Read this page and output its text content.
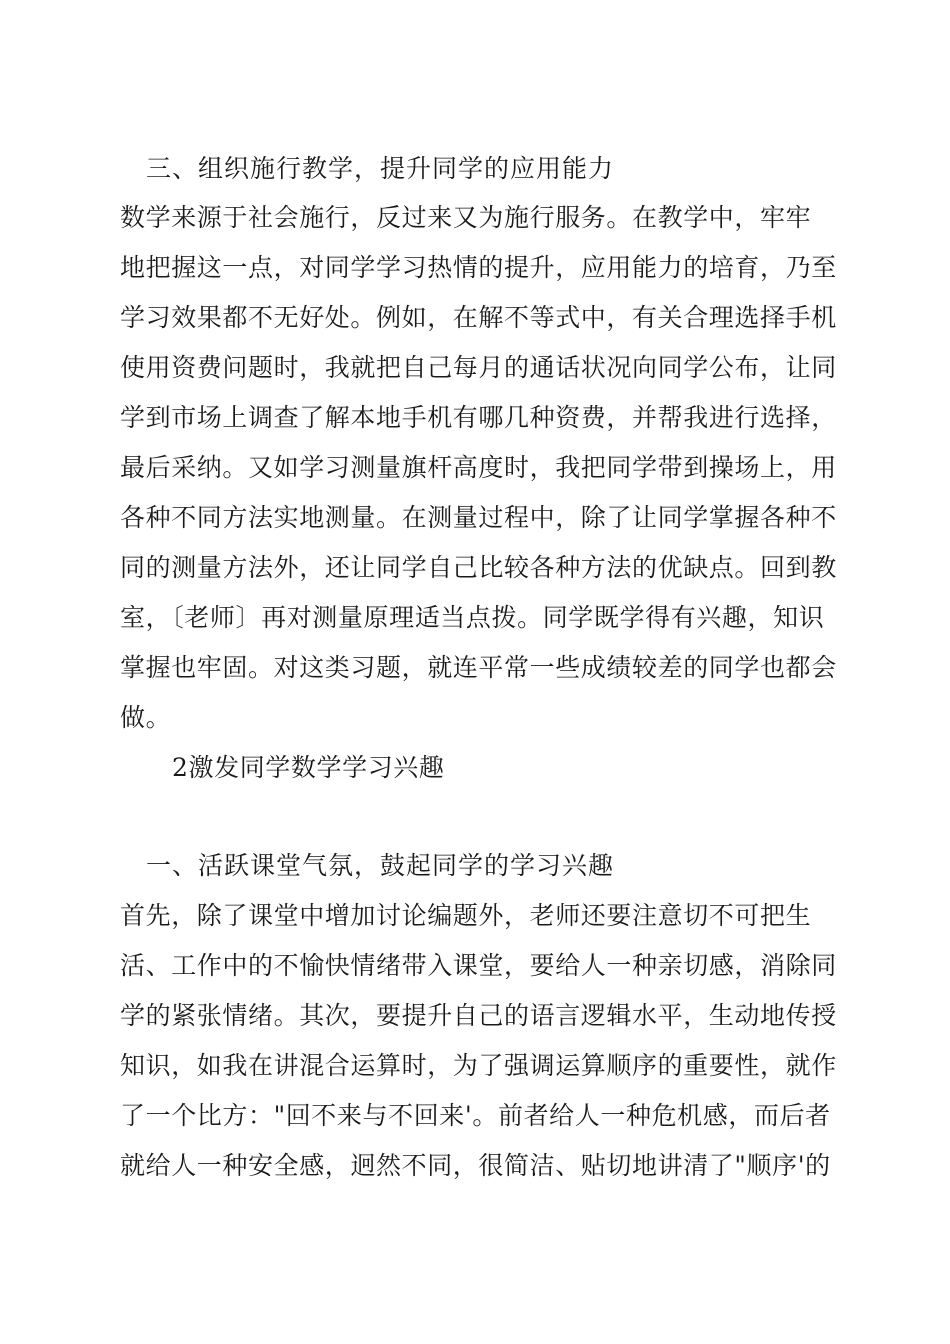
三、组织施行教学，提升同学的应用能力
数学来源于社会施行，反过来又为施行服务。在教学中，牢牢
地把握这一点，对同学学习热情的提升，应用能力的培育，乃至
学习效果都不无好处。例如，在解不等式中，有关合理选择手机
使用资费问题时，我就把自己每月的通话状况向同学公布，让同
学到市场上调查了解本地手机有哪几种资费，并帮我进行选择，
最后采纳。又如学习测量旗杆高度时，我把同学带到操场上，用
各种不同方法实地测量。在测量过程中，除了让同学掌握各种不
同的测量方法外，还让同学自己比较各种方法的优缺点。回到教
室，〔老师〕再对测量原理适当点拨。同学既学得有兴趣，知识
掌握也牢固。对这类习题，就连平常一些成绩较差的同学也都会
做。
2激发同学数学学习兴趣
一、活跃课堂气氛，鼓起同学的学习兴趣
首先，除了课堂中增加讨论编题外，老师还要注意切不可把生
活、工作中的不愉快情绪带入课堂，要给人一种亲切感，消除同
学的紧张情绪。其次，要提升自己的语言逻辑水平，生动地传授
知识，如我在讲混合运算时，为了强调运算顺序的重要性，就作
了一个比方："回不来与不回来'。前者给人一种危机感，而后者
就给人一种安全感，迥然不同，很简洁、贴切地讲清了"顺序'的
